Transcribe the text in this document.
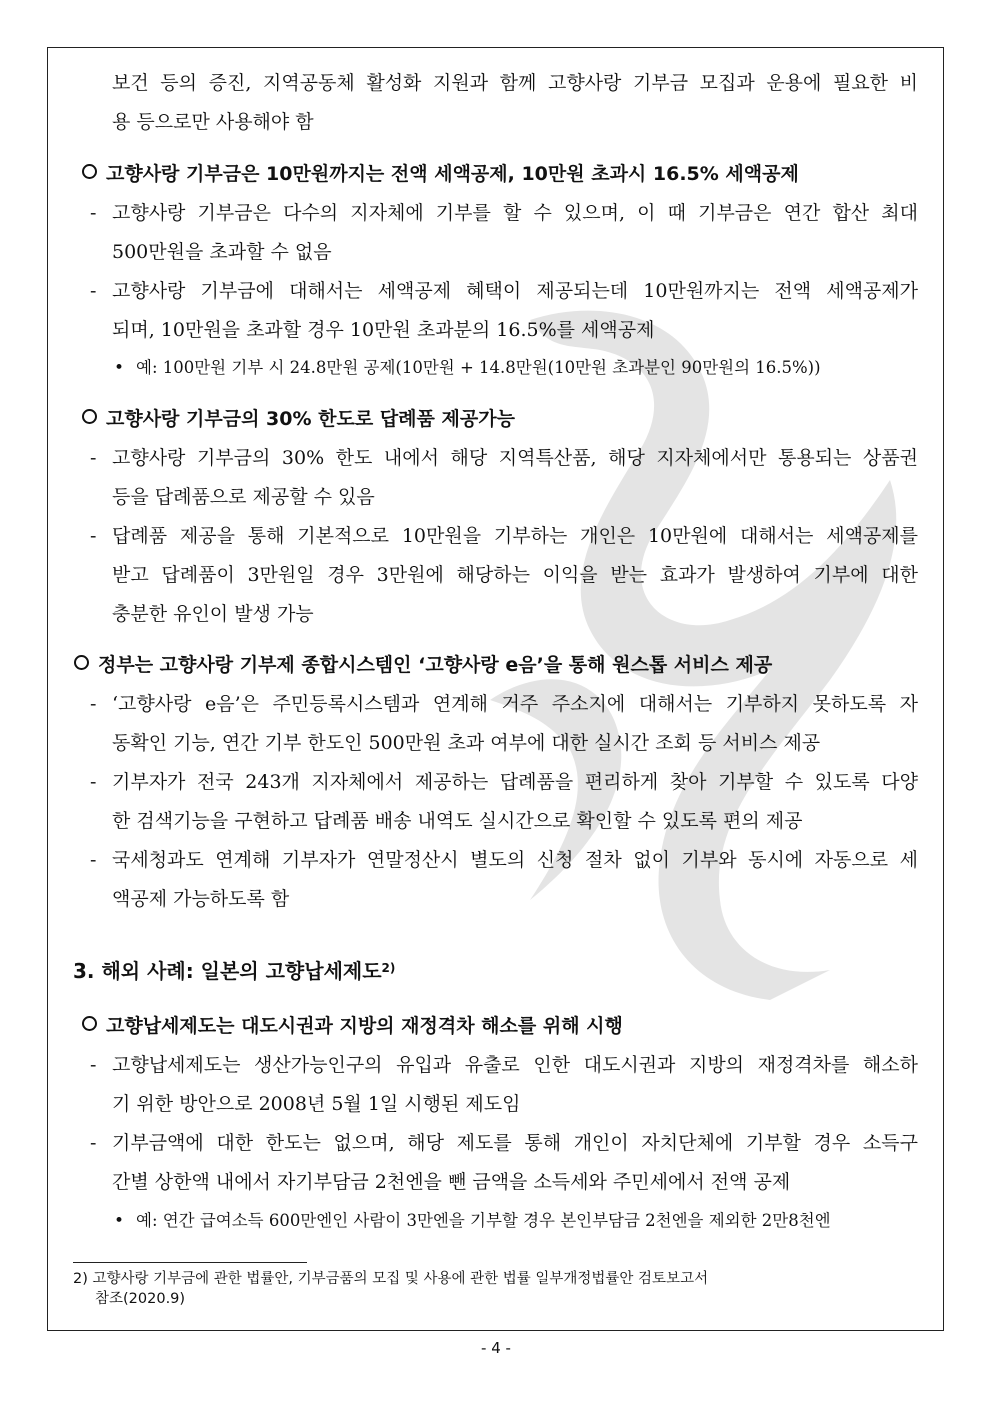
보건 등의 증진, 지역공동체 활성화 지원과 함께 고향사랑 기부금 모집과 운용에 필요한 비
용 등으로만 사용해야 함
고향사랑 기부금은 10만원까지는 전액 세액공제, 10만원 초과시 16.5% 세액공제
- 고향사랑 기부금은 다수의 지자체에 기부를 할 수 있으며, 이 때 기부금은 연간 합산 최대
500만원을 초과할 수 없음
- 고향사랑 기부금에 대해서는 세액공제 혜택이 제공되는데 10만원까지는 전액 세액공제가
되며, 10만원을 초과할 경우 10만원 초과분의 16.5%를 세액공제
• 예: 100만원 기부 시 24.8만원 공제(10만원 + 14.8만원(10만원 초과분인 90만원의 16.5%))
고향사랑 기부금의 30% 한도로 답례품 제공가능
- 고향사랑 기부금의 30% 한도 내에서 해당 지역특산품, 해당 지자체에서만 통용되는 상품권
등을 답례품으로 제공할 수 있음
- 답례품 제공을 통해 기본적으로 10만원을 기부하는 개인은 10만원에 대해서는 세액공제를
받고 답례품이 3만원일 경우 3만원에 해당하는 이익을 받는 효과가 발생하여 기부에 대한
충분한 유인이 발생 가능
정부는 고향사랑 기부제 종합시스템인 ‘고향사랑 e음’을 통해 원스톱 서비스 제공
- ‘고향사랑 e음’은 주민등록시스템과 연계해 거주 주소지에 대해서는 기부하지 못하도록 자
동확인 기능, 연간 기부 한도인 500만원 초과 여부에 대한 실시간 조회 등 서비스 제공
- 기부자가 전국 243개 지자체에서 제공하는 답례품을 편리하게 찾아 기부할 수 있도록 다양
한 검색기능을 구현하고 답례품 배송 내역도 실시간으로 확인할 수 있도록 편의 제공
- 국세청과도 연계해 기부자가 연말정산시 별도의 신청 절차 없이 기부와 동시에 자동으로 세
액공제 가능하도록 함
3. 해외 사례: 일본의 고향납세제도$^{2)}$
고향납세제도는 대도시권과 지방의 재정격차 해소를 위해 시행
- 고향납세제도는 생산가능인구의 유입과 유출로 인한 대도시권과 지방의 재정격차를 해소하
기 위한 방안으로 2008년 5월 1일 시행된 제도임
- 기부금액에 대한 한도는 없으며, 해당 제도를 통해 개인이 자치단체에 기부할 경우 소득구
간별 상한액 내에서 자기부담금 2천엔을 뺀 금액을 소득세와 주민세에서 전액 공제
• 예: 연간 급여소득 600만엔인 사람이 3만엔을 기부할 경우 본인부담금 2천엔을 제외한 2만8천엔
2) 고향사랑 기부금에 관한 법률안, 기부금품의 모집 및 사용에 관한 법률 일부개정법률안 검토보고서
참조(2020.9)
- 4 -
